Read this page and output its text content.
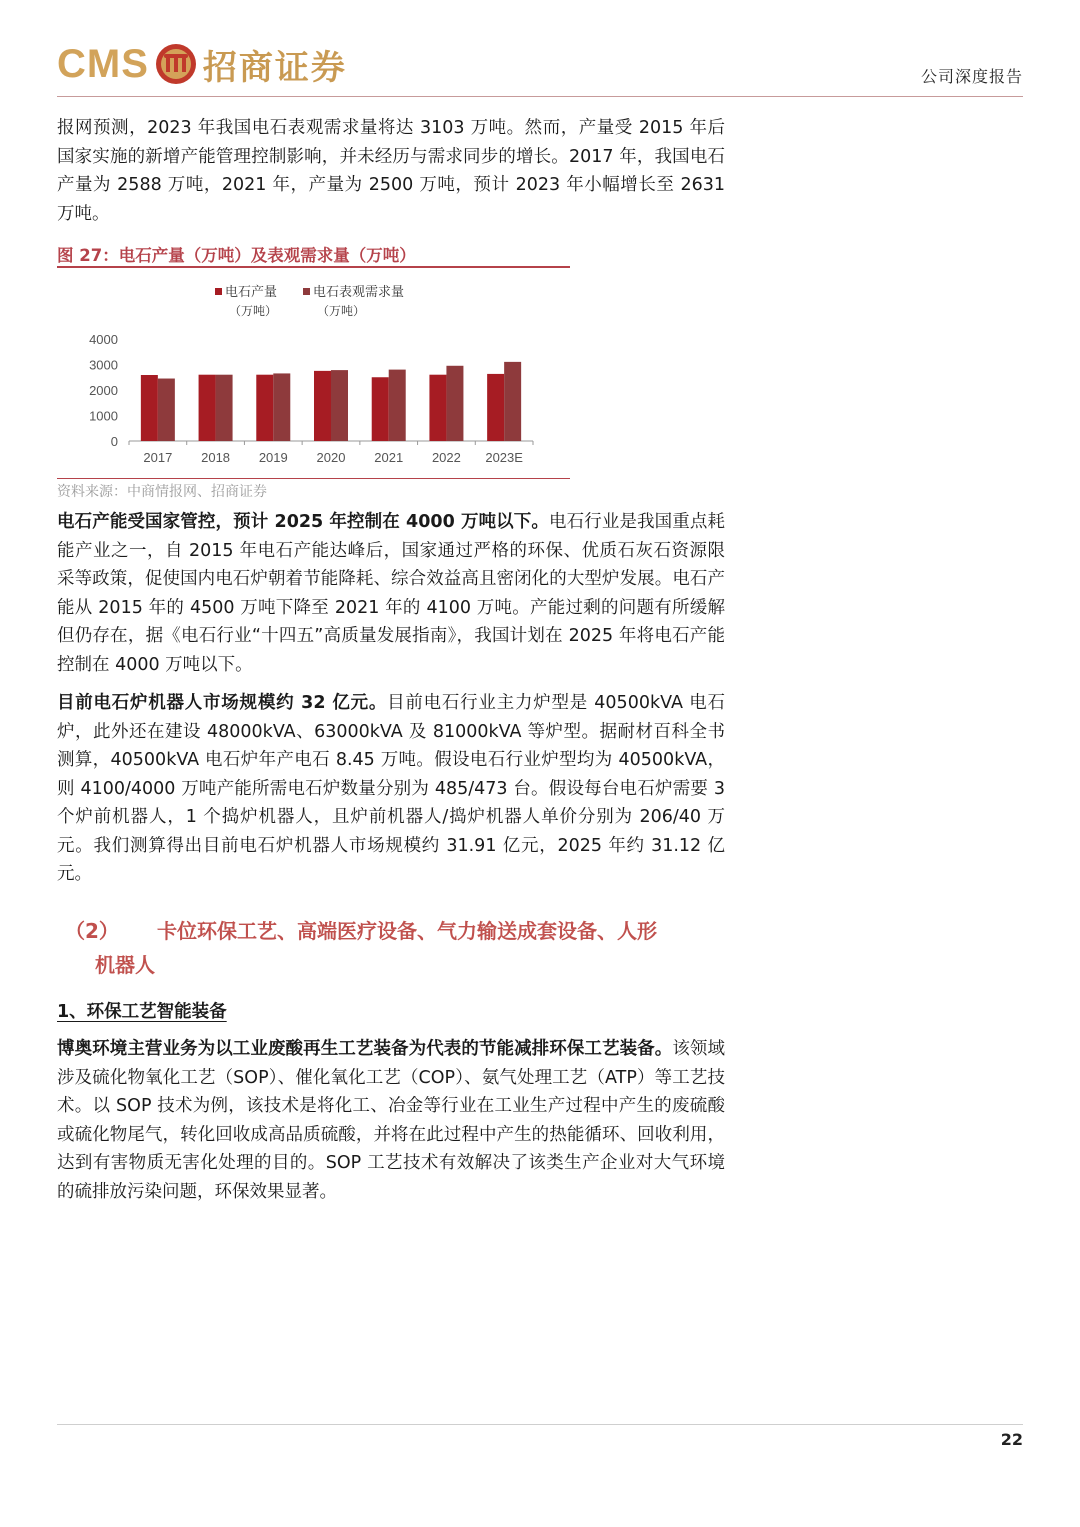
CMS 招商证券	公司深度报告

报网预测，2023 年我国电石表观需求量将达 3103 万吨。然而，产量受 2015 年后国家实施的新增产能管理控制影响，并未经历与需求同步的增长。2017 年，我国电石产量为 2588 万吨，2021 年，产量为 2500 万吨，预计 2023 年小幅增长至 2631 万吨。

图 27：电石产量（万吨）及表观需求量（万吨）
电石产量
（万吨）
电石表观需求量
（万吨）
0
1000
2000
3000
4000
2017 2018 2019 2020 2021 2022 2023E
资料来源：中商情报网、招商证券

电石产能受国家管控，预计 2025 年控制在 4000 万吨以下。电石行业是我国重点耗能产业之一，自 2015 年电石产能达峰后，国家通过严格的环保、优质石灰石资源限采等政策，促使国内电石炉朝着节能降耗、综合效益高且密闭化的大型炉发展。电石产能从 2015 年的 4500 万吨下降至 2021 年的 4100 万吨。产能过剩的问题有所缓解但仍存在，据《电石行业“十四五”高质量发展指南》，我国计划在 2025 年将电石产能控制在 4000 万吨以下。

目前电石炉机器人市场规模约 32 亿元。目前电石行业主力炉型是 40500kVA 电石炉，此外还在建设 48000kVA、63000kVA 及 81000kVA 等炉型。据耐材百科全书测算，40500kVA 电石炉年产电石 8.45 万吨。假设电石行业炉型均为 40500kVA，则 4100/4000 万吨产能所需电石炉数量分别为 485/473 台。假设每台电石炉需要 3 个炉前机器人，1 个捣炉机器人，且炉前机器人/捣炉机器人单价分别为 206/40 万元。我们测算得出目前电石炉机器人市场规模约 31.91 亿元，2025 年约 31.12 亿元。

（2） 卡位环保工艺、高端医疗设备、气力输送成套设备、人形
机器人
1、环保工艺智能装备

博奥环境主营业务为以工业废酸再生工艺装备为代表的节能减排环保工艺装备。该领域涉及硫化物氧化工艺（SOP）、催化氧化工艺（COP）、氨气处理工艺（ATP）等工艺技术。以 SOP 技术为例，该技术是将化工、冶金等行业在工业生产过程中产生的废硫酸或硫化物尾气，转化回收成高品质硫酸，并将在此过程中产生的热能循环、回收利用，达到有害物质无害化处理的目的。SOP 工艺技术有效解决了该类生产企业对大气环境的硫排放污染问题，环保效果显著。

22
